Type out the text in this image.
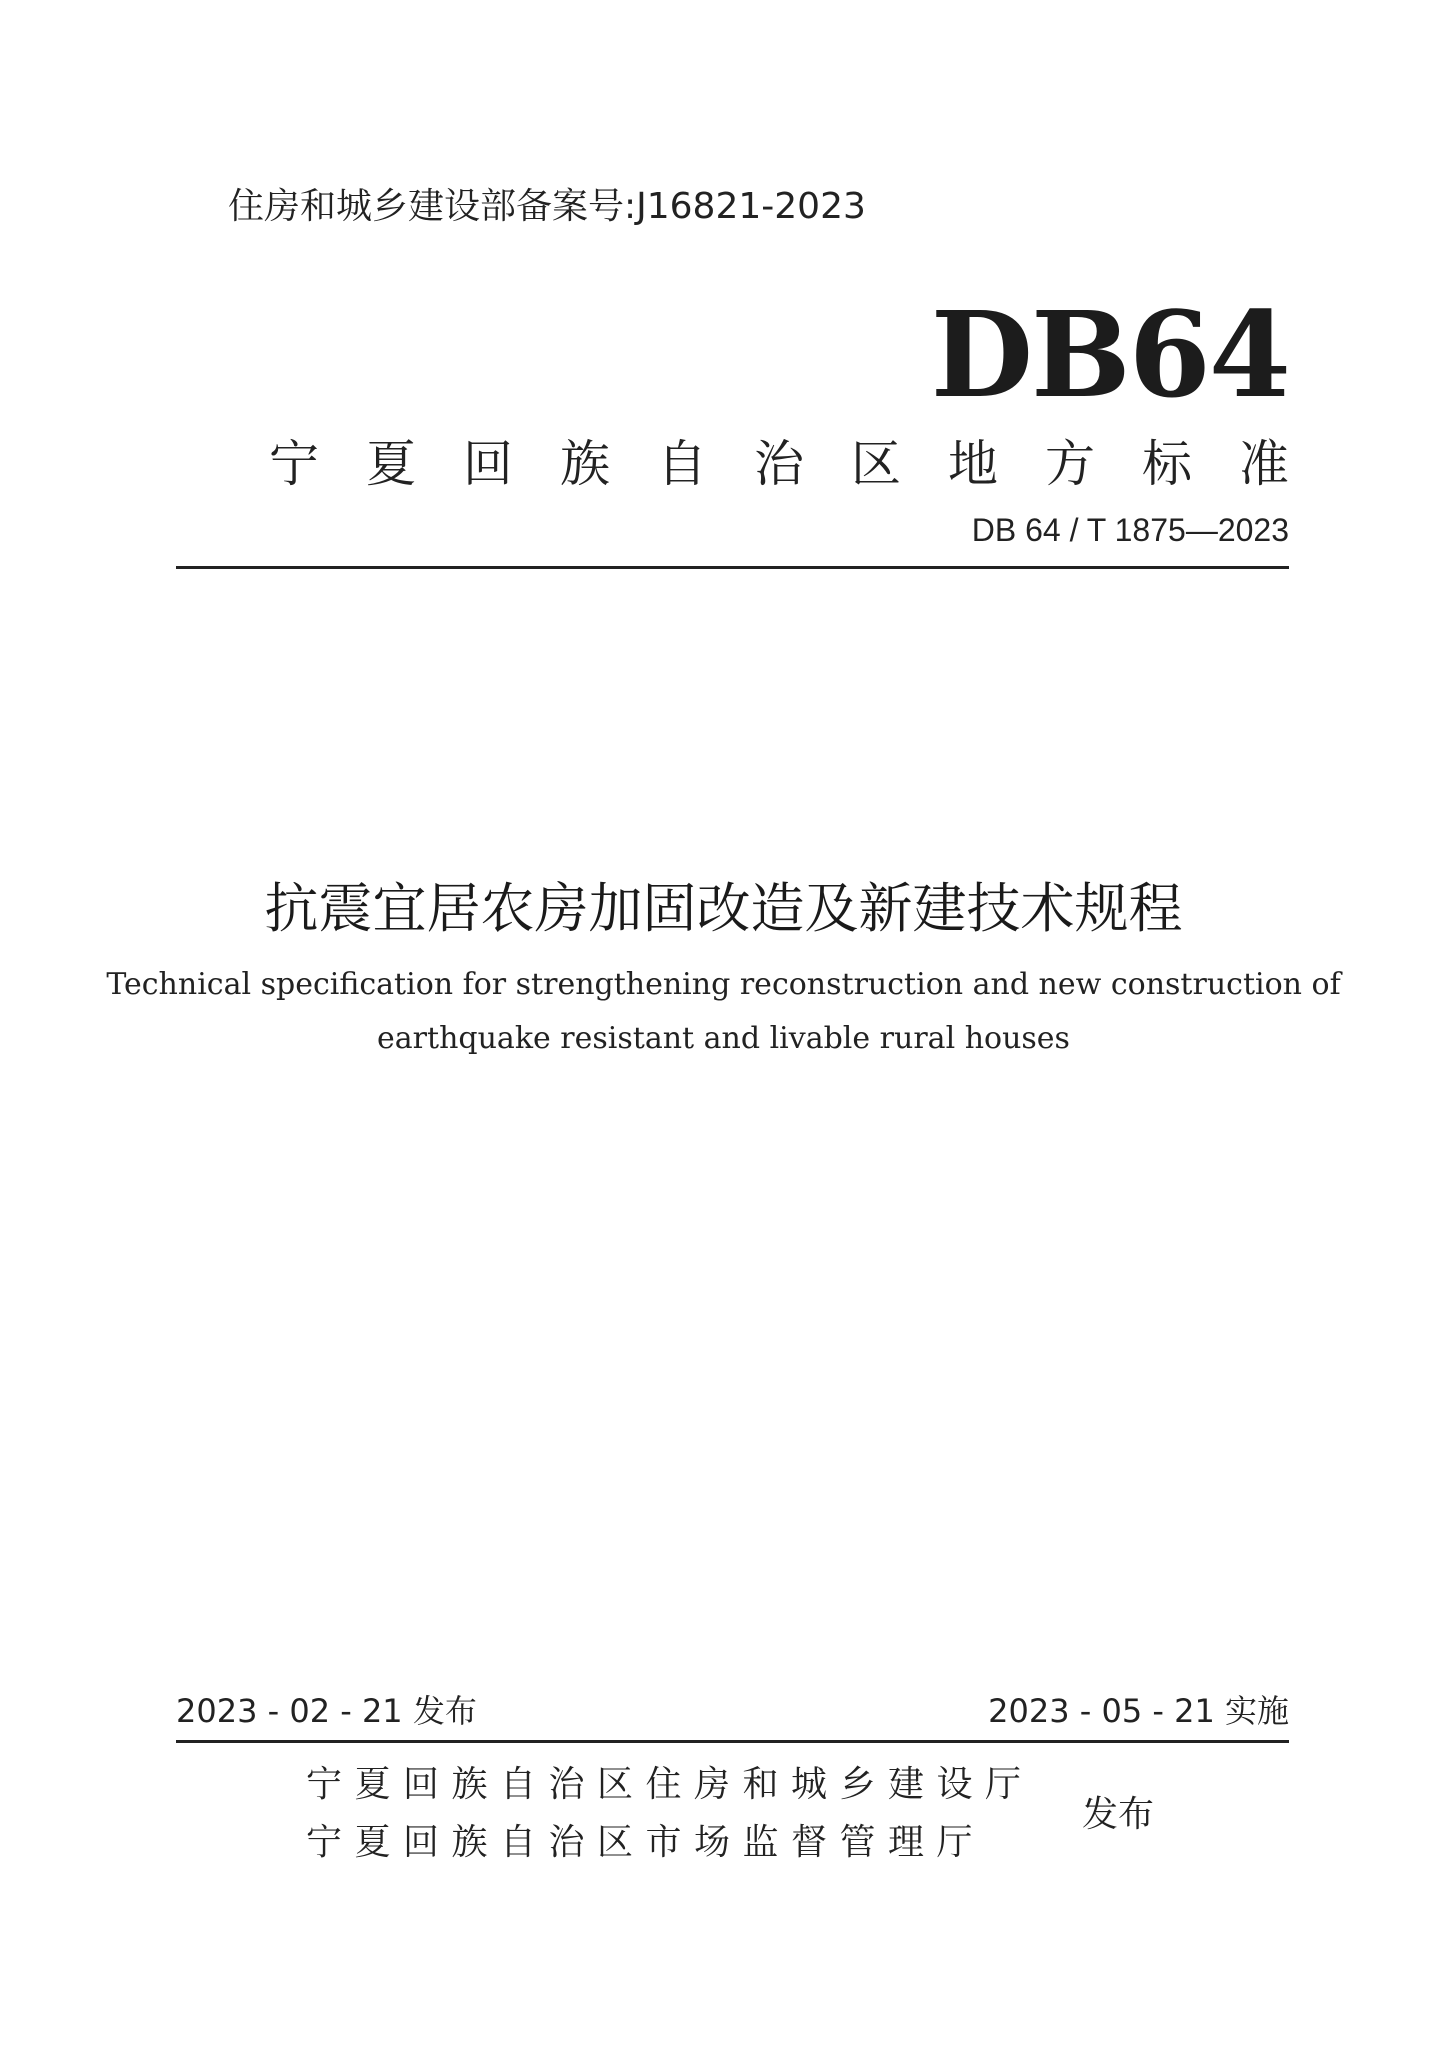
住房和城乡建设部备案号:J16821-2023
DB64
宁夏回族自治区地方标准
DB 64 / T 1875—2023
抗震宜居农房加固改造及新建技术规程
Technical specification for strengthening reconstruction and new construction of
earthquake resistant and livable rural houses
2023 - 02 - 21 发布	2023 - 05 - 21 实施
宁夏回族自治区住房和城乡建设厅
宁夏回族自治区市场监督管理厅
发布
